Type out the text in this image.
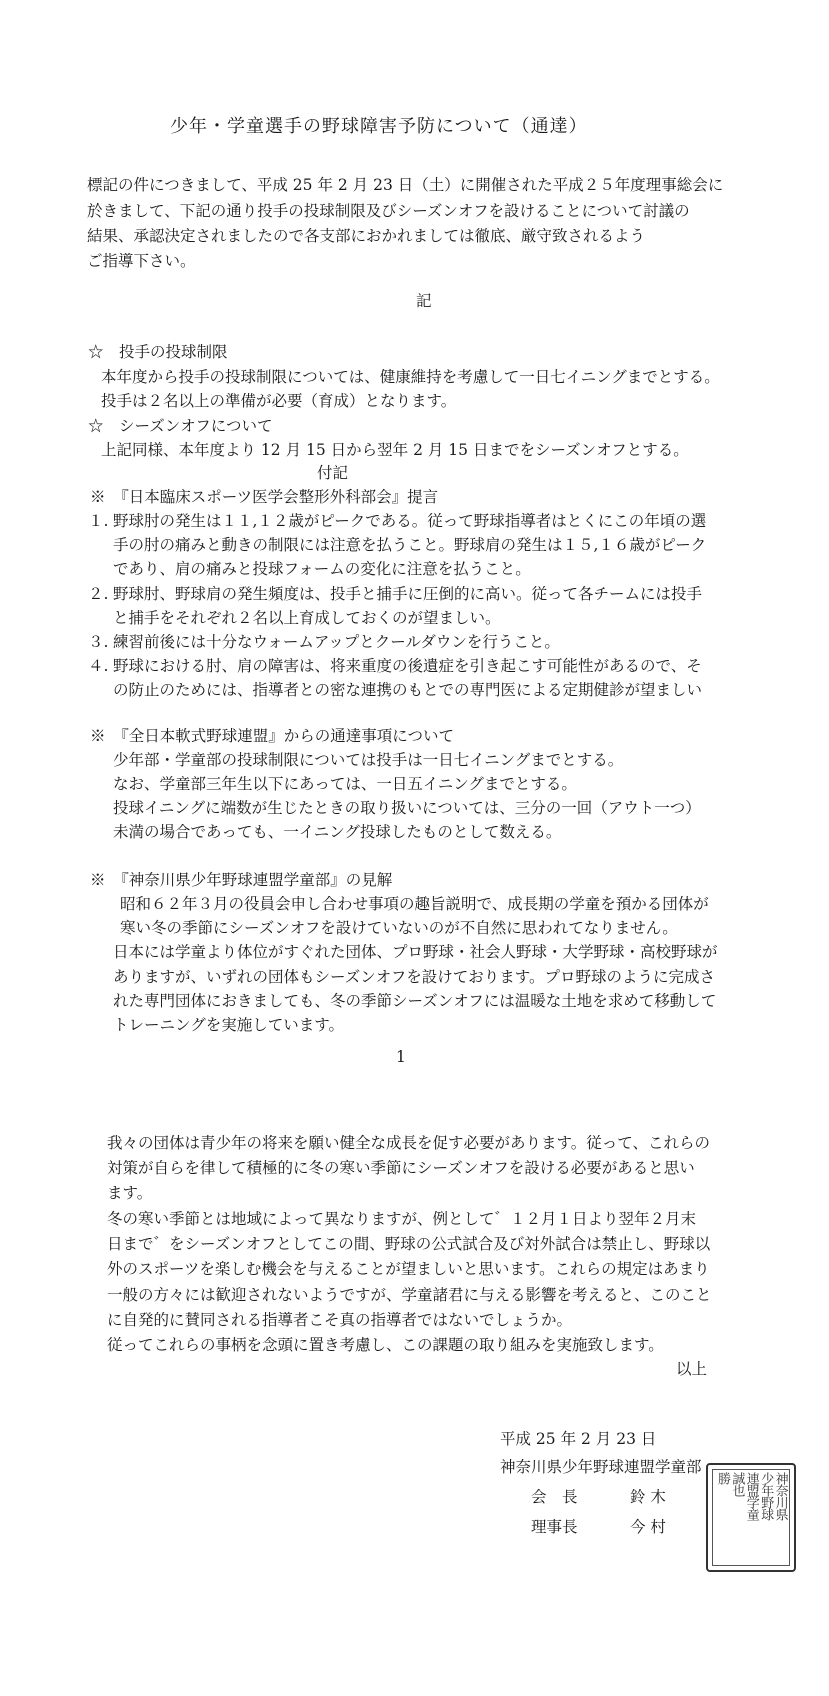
少年・学童選手の野球障害予防について（通達）
標記の件につきまして、平成 25 年 2 月 23 日（土）に開催された平成２５年度理事総会に
於きまして、下記の通り投手の投球制限及びシーズンオフを設けることについて討議の
結果、承認決定されましたので各支部におかれましては徹底、厳守致されるよう
ご指導下さい。
記
☆　投手の投球制限
本年度から投手の投球制限については、健康維持を考慮して一日七イニングまでとする。
投手は２名以上の準備が必要（育成）となります。
☆　シーズンオフについて
上記同様、本年度より 12 月 15 日から翌年 2 月 15 日までをシーズンオフとする。
付記
※　『日本臨床スポーツ医学会整形外科部会』提言
１. 野球肘の発生は１１,１２歳がピークである。従って野球指導者はとくにこの年頃の選
手の肘の痛みと動きの制限には注意を払うこと。野球肩の発生は１５,１６歳がピーク
であり、肩の痛みと投球フォームの変化に注意を払うこと。
２. 野球肘、野球肩の発生頻度は、投手と捕手に圧倒的に高い。従って各チームには投手
と捕手をそれぞれ２名以上育成しておくのが望ましい。
３. 練習前後には十分なウォームアップとクールダウンを行うこと。
４. 野球における肘、肩の障害は、将来重度の後遺症を引き起こす可能性があるので、そ
の防止のためには、指導者との密な連携のもとでの専門医による定期健診が望ましい
※　『全日本軟式野球連盟』からの通達事項について
少年部・学童部の投球制限については投手は一日七イニングまでとする。
なお、学童部三年生以下にあっては、一日五イニングまでとする。
投球イニングに端数が生じたときの取り扱いについては、三分の一回（アウト一つ）
未満の場合であっても、一イニング投球したものとして数える。
※　『神奈川県少年野球連盟学童部』の見解
昭和６２年３月の役員会申し合わせ事項の趣旨説明で、成長期の学童を預かる団体が
寒い冬の季節にシーズンオフを設けていないのが不自然に思われてなりません。
日本には学童より体位がすぐれた団体、プロ野球・社会人野球・大学野球・高校野球が
ありますが、いずれの団体もシーズンオフを設けております。プロ野球のように完成さ
れた専門団体におきましても、冬の季節シーズンオフには温暖な土地を求めて移動して
トレーニングを実施しています。
1
我々の団体は青少年の将来を願い健全な成長を促す必要があります。従って、これらの
対策が自らを律して積極的に冬の寒い季節にシーズンオフを設ける必要があると思い
ます。
冬の寒い季節とは地域によって異なりますが、例として゛１２月１日より翌年２月末
日まで゛をシーズンオフとしてこの間、野球の公式試合及び対外試合は禁止し、野球以
外のスポーツを楽しむ機会を与えることが望ましいと思います。これらの規定はあまり
一般の方々には歓迎されないようですが、学童諸君に与える影響を考えると、このこと
に自発的に賛同される指導者こそ真の指導者ではないでしょうか。
従ってこれらの事柄を念頭に置き考慮し、この課題の取り組みを実施致します。
以上
平成 25 年 2 月 23 日
神奈川県少年野球連盟学童部
会　長	鈴 木
理事長	今 村
神奈川県
少年野球
連盟学童
誠也
勝
